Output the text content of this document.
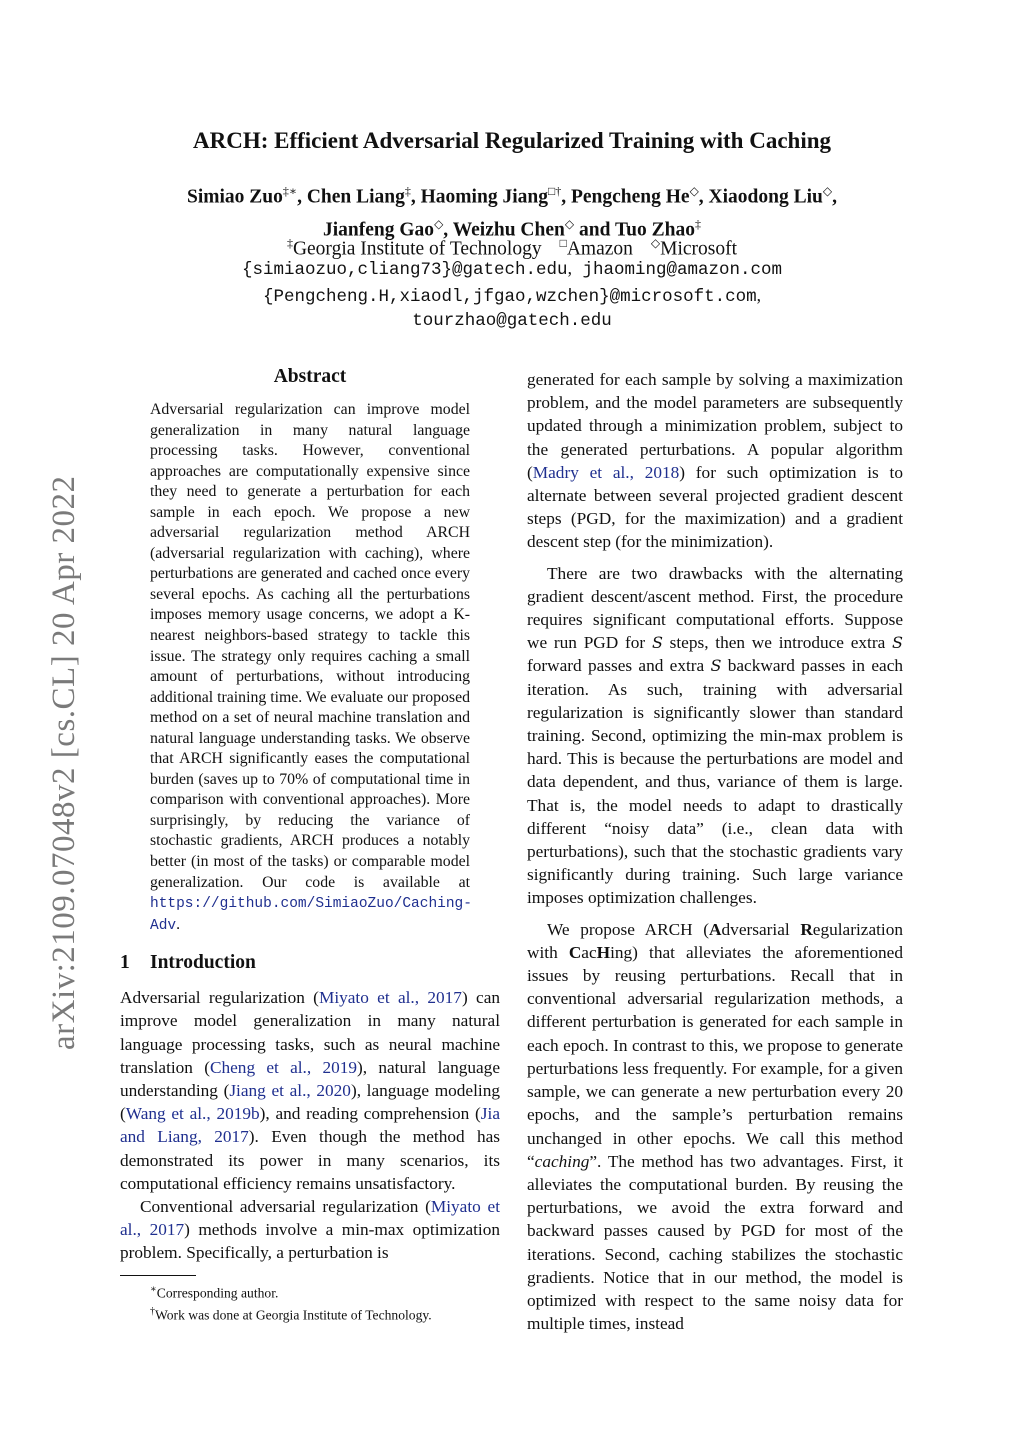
arXiv:2109.07048v2 [cs.CL] 20 Apr 2022
ARCH: Efficient Adversarial Regularized Training with Caching
Simiao Zuo‡∗, Chen Liang‡, Haoming Jiang□†, Pengcheng He◇, Xiaodong Liu◇,
Jianfeng Gao◇, Weizhu Chen◇ and Tuo Zhao‡
‡Georgia Institute of Technology □Amazon ◇Microsoft
{simiaozuo,cliang73}@gatech.edu, jhaoming@amazon.com
{Pengcheng.H,xiaodl,jfgao,wzchen}@microsoft.com,
tourzhao@gatech.edu
Abstract
Adversarial regularization can improve model generalization in many natural language processing tasks. However, conventional approaches are computationally expensive since they need to generate a perturbation for each sample in each epoch. We propose a new adversarial regularization method ARCH (adversarial regularization with caching), where perturbations are generated and cached once every several epochs. As caching all the perturbations imposes memory usage concerns, we adopt a K-nearest neighbors-based strategy to tackle this issue. The strategy only requires caching a small amount of perturbations, without introducing additional training time. We evaluate our proposed method on a set of neural machine translation and natural language understanding tasks. We observe that ARCH significantly eases the computational burden (saves up to 70% of computational time in comparison with conventional approaches). More surprisingly, by reducing the variance of stochastic gradients, ARCH produces a notably better (in most of the tasks) or comparable model generalization. Our code is available at https://github.com/SimiaoZuo/Caching-Adv.
1 Introduction

Adversarial regularization (Miyato et al., 2017) can improve model generalization in many natural language processing tasks, such as neural machine translation (Cheng et al., 2019), natural language understanding (Jiang et al., 2020), language modeling (Wang et al., 2019b), and reading comprehension (Jia and Liang, 2017). Even though the method has demonstrated its power in many scenarios, its computational efficiency remains unsatisfactory.

Conventional adversarial regularization (Miyato et al., 2017) methods involve a min-max optimization problem. Specifically, a perturbation is

∗Corresponding author.
†Work was done at Georgia Institute of Technology.

generated for each sample by solving a maximization problem, and the model parameters are subsequently updated through a minimization problem, subject to the generated perturbations. A popular algorithm (Madry et al., 2018) for such optimization is to alternate between several projected gradient descent steps (PGD, for the maximization) and a gradient descent step (for the minimization).

There are two drawbacks with the alternating gradient descent/ascent method. First, the procedure requires significant computational efforts. Suppose we run PGD for S steps, then we introduce extra S forward passes and extra S backward passes in each iteration. As such, training with adversarial regularization is significantly slower than standard training. Second, optimizing the min-max problem is hard. This is because the perturbations are model and data dependent, and thus, variance of them is large. That is, the model needs to adapt to drastically different “noisy data” (i.e., clean data with perturbations), such that the stochastic gradients vary significantly during training. Such large variance imposes optimization challenges.

We propose ARCH (Adversarial Regularization with CacHing) that alleviates the aforementioned issues by reusing perturbations. Recall that in conventional adversarial regularization methods, a different perturbation is generated for each sample in each epoch. In contrast to this, we propose to generate perturbations less frequently. For example, for a given sample, we can generate a new perturbation every 20 epochs, and the sample’s perturbation remains unchanged in other epochs. We call this method “caching”. The method has two advantages. First, it alleviates the computational burden. By reusing the perturbations, we avoid the extra forward and backward passes caused by PGD for most of the iterations. Second, caching stabilizes the stochastic gradients. Notice that in our method, the model is optimized with respect to the same noisy data for multiple times, instead
